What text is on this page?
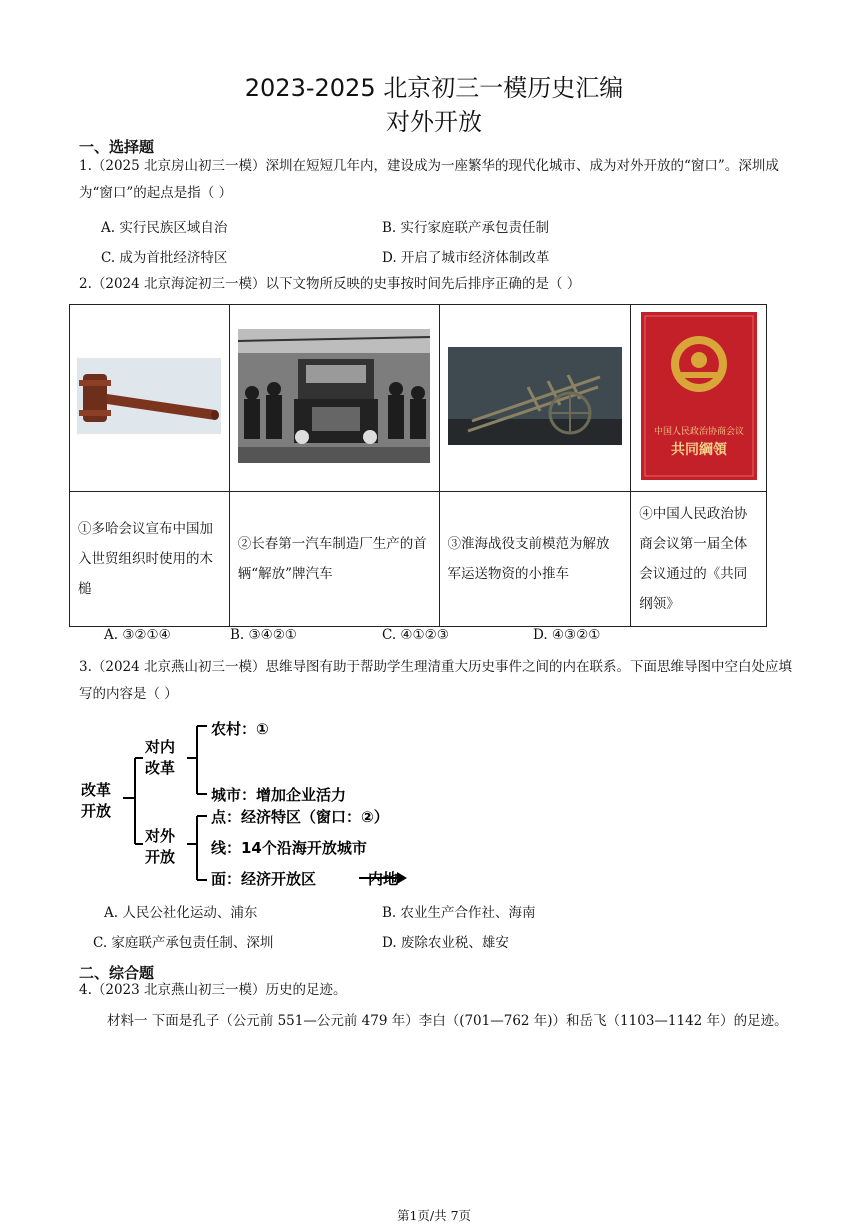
2023-2025 北京初三一模历史汇编
对外开放
一、选择题
1.（2025 北京房山初三一模）深圳在短短几年内，建设成为一座繁华的现代化城市、成为对外开放的“窗口”。深圳成为“窗口”的起点是指（ ）
A. 实行民族区域自治	B. 实行家庭联产承包责任制
C. 成为首批经济特区	D. 开启了城市经济体制改革
2.（2024 北京海淀初三一模）以下文物所反映的史事按时间先后排序正确的是（ ）

中国人民政治协商会议
共同綱領

①多哈会议宣布中国加入世贸组织时使用的木槌	②长春第一汽车制造厂生产的首辆“解放”牌汽车	③淮海战役支前模范为解放军运送物资的小推车	④中国人民政治协商会议第一届全体会议通过的《共同纲领》
A. ③②①④	B. ③④②①	C. ④①②③	D. ④③②①
3.（2024 北京燕山初三一模）思维导图有助于帮助学生理清重大历史事件之间的内在联系。下面思维导图中空白处应填写的内容是（ ）
改革
开放
对内
改革
对外
开放
农村：①
城市：增加企业活力
点：经济特区（窗口：②）
线：14个沿海开放城市
面：经济开放区	内地
A. 人民公社化运动、浦东	B. 农业生产合作社、海南
C. 家庭联产承包责任制、深圳	D. 废除农业税、雄安
二、综合题
4.（2023 北京燕山初三一模）历史的足迹。
材料一 下面是孔子（公元前 551—公元前 479 年）李白（(701—762 年)）和岳飞（1103—1142 年）的足迹。
第1页/共 7页
